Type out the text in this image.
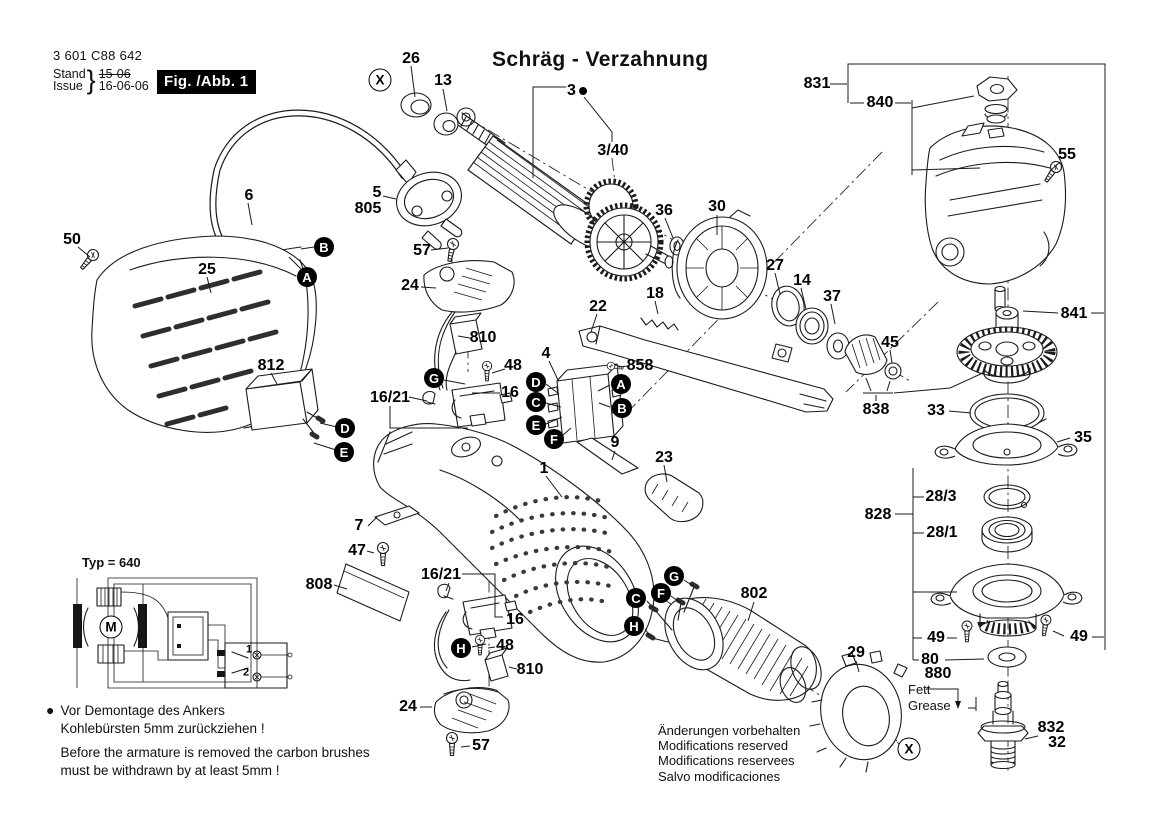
3 601 C88 642
Stand
Issue } 15-06
16-06-06	Fig. /Abb. 1
Schräg - Verzahnung
Typ = 640
Fett
Grease
● Vor Demontage des Ankers
Kohlebürsten 5mm zurückziehen !
Before the armature is removed the carbon brushes
must be withdrawn by at least 5mm !
Änderungen vorbehalten
Modifications reserved
Modifications reservees
Salvo modificaciones
26
X	13
3
3/40
5
805
6
50
25
B
A
57
24
810
G
48
16/21	16
812
D
E
4
858
D
C
E
F
A
B
9
23
1
22
18
36 30
27
14
37
45
838
831
840
55
841
33
35
828
28/3
28/1
49	49
80
880
832
32
X
29
802
G
F
C
H
808
16/21
16
H	48
810
24
57
7
47
M
1
2
